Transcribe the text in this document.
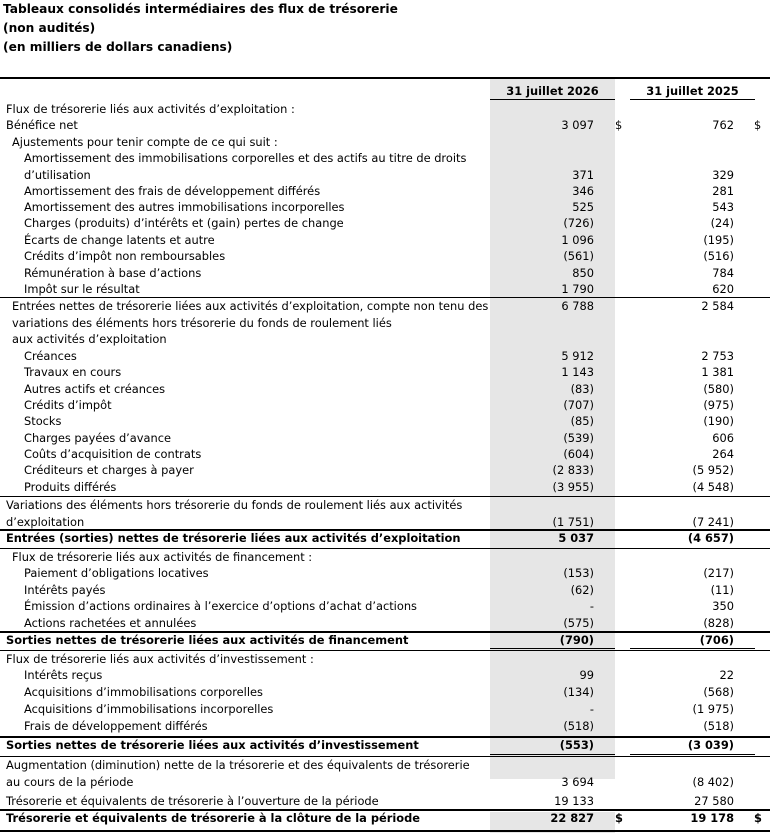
Tableaux consolidés intermédiaires des flux de trésorerie
(non audités)
(en milliers de dollars canadiens)
31 juillet 2026	31 juillet 2025
Flux de trésorerie liés aux activités d’exploitation :
Bénéfice net	3 097	762
$	$
Ajustements pour tenir compte de ce qui suit :
Amortissement des immobilisations corporelles et des actifs au titre de droits
d’utilisation	371	329
Amortissement des frais de développement différés	346	281
Amortissement des autres immobilisations incorporelles	525	543
Charges (produits) d’intérêts et (gain) pertes de change	(726)	(24)
Écarts de change latents et autre	1 096	(195)
Crédits d’impôt non remboursables	(561)	(516)
Rémunération à base d’actions	850	784
Impôt sur le résultat	1 790	620
Entrées nettes de trésorerie liées aux activités d’exploitation, compte non tenu des
variations des éléments hors trésorerie du fonds de roulement liés
aux activités d’exploitation
6 788	2 584
Créances	5 912	2 753
Travaux en cours	1 143	1 381
Autres actifs et créances	(83)	(580)
Crédits d’impôt	(707)	(975)
Stocks	(85)	(190)
Charges payées d’avance	(539)	606
Coûts d’acquisition de contrats	(604)	264
Créditeurs et charges à payer	(2 833)	(5 952)
Produits différés	(3 955)	(4 548)
Variations des éléments hors trésorerie du fonds de roulement liés aux activités
d’exploitation	(1 751)	(7 241)
Entrées (sorties) nettes de trésorerie liées aux activités d’exploitation	5 037	(4 657)
Flux de trésorerie liés aux activités de financement :
Paiement d’obligations locatives	(153)	(217)
Intérêts payés	(62)	(11)
Émission d’actions ordinaires à l’exercice d’options d’achat d’actions	-	350
Actions rachetées et annulées	(575)	(828)
Sorties nettes de trésorerie liées aux activités de financement	(790)	(706)
Flux de trésorerie liés aux activités d’investissement :
Intérêts reçus	99	22
Acquisitions d’immobilisations corporelles	(134)	(568)
Acquisitions d’immobilisations incorporelles	-	(1 975)
Frais de développement différés	(518)	(518)
Sorties nettes de trésorerie liées aux activités d’investissement	(553)	(3 039)
Augmentation (diminution) nette de la trésorerie et des équivalents de trésorerie
au cours de la période	3 694	(8 402)
Trésorerie et équivalents de trésorerie à l’ouverture de la période	19 133	27 580
Trésorerie et équivalents de trésorerie à la clôture de la période	22 827	19 178
$	$
